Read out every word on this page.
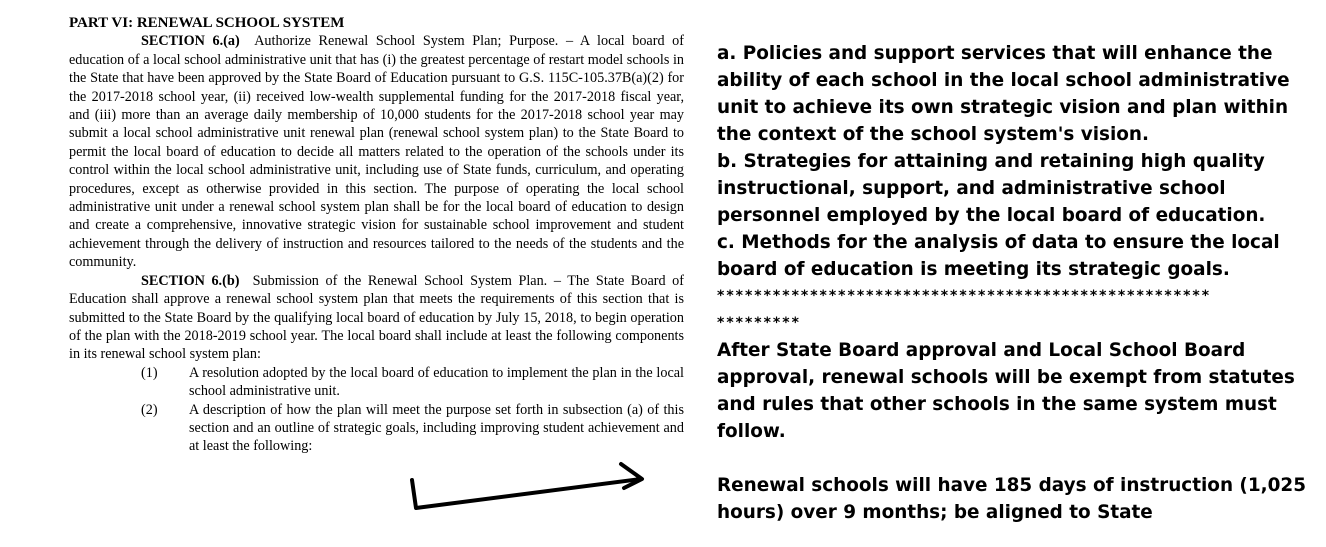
PART VI: RENEWAL SCHOOL SYSTEM

SECTION 6.(a) Authorize Renewal School System Plan; Purpose. – A local board of education of a local school administrative unit that has (i) the greatest percentage of restart model schools in the State that have been approved by the State Board of Education pursuant to G.S. 115C-105.37B(a)(2) for the 2017-2018 school year, (ii) received low-wealth supplemental funding for the 2017-2018 fiscal year, and (iii) more than an average daily membership of 10,000 students for the 2017-2018 school year may submit a local school administrative unit renewal plan (renewal school system plan) to the State Board to permit the local board of education to decide all matters related to the operation of the schools under its control within the local school administrative unit, including use of State funds, curriculum, and operating procedures, except as otherwise provided in this section. The purpose of operating the local school administrative unit under a renewal school system plan shall be for the local board of education to design and create a comprehensive, innovative strategic vision for sustainable school improvement and student achievement through the delivery of instruction and resources tailored to the needs of the students and the community.

SECTION 6.(b) Submission of the Renewal School System Plan. – The State Board of Education shall approve a renewal school system plan that meets the requirements of this section that is submitted to the State Board by the qualifying local board of education by July 15, 2018, to begin operation of the plan with the 2018-2019 school year. The local board shall include at least the following components in its renewal school system plan:

(1)	A resolution adopted by the local board of education to implement the plan in the local school administrative unit.
(2)	A description of how the plan will meet the purpose set forth in subsection (a) of this section and an outline of strategic goals, including improving student achievement and at least the following:

a. Policies and support services that will enhance the ability of each school in the local school administrative unit to achieve its own strategic vision and plan within the context of the school system's vision.

b. Strategies for attaining and retaining high quality instructional, support, and administrative school personnel employed by the local board of education.

c. Methods for the analysis of data to ensure the local board of education is meeting its strategic goals.

*****************************************************

*********

After State Board approval and Local School Board approval, renewal schools will be exempt from statutes and rules that other schools in the same system must follow.

Renewal schools will have 185 days of instruction (1,025 hours) over 9 months; be aligned to State
